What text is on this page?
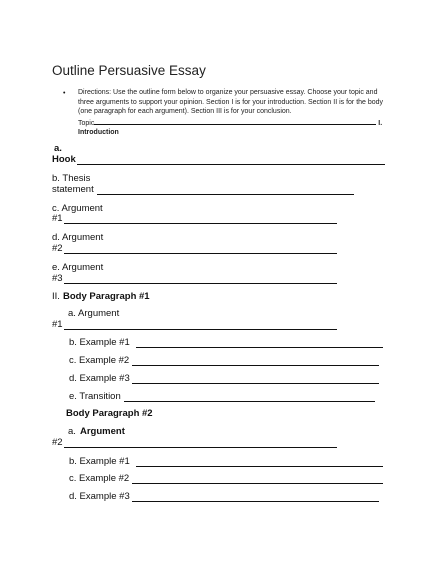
Outline Persuasive Essay
• Directions: Use the outline form below to organize your persuasive essay. Choose your topic and three arguments to support your opinion. Section I is for your introduction. Section II is for the body (one paragraph for each argument). Section III is for your conclusion.
Topic	I. Introduction
a.
Hook
b. Thesis
statement
c. Argument
#1
d. Argument
#2
e. Argument
#3
II. Body Paragraph #1
a. Argument
#1
b. Example #1
c. Example #2
d. Example #3
e. Transition
Body Paragraph #2
a. Argument
#2
b. Example #1
c. Example #2
d. Example #3
